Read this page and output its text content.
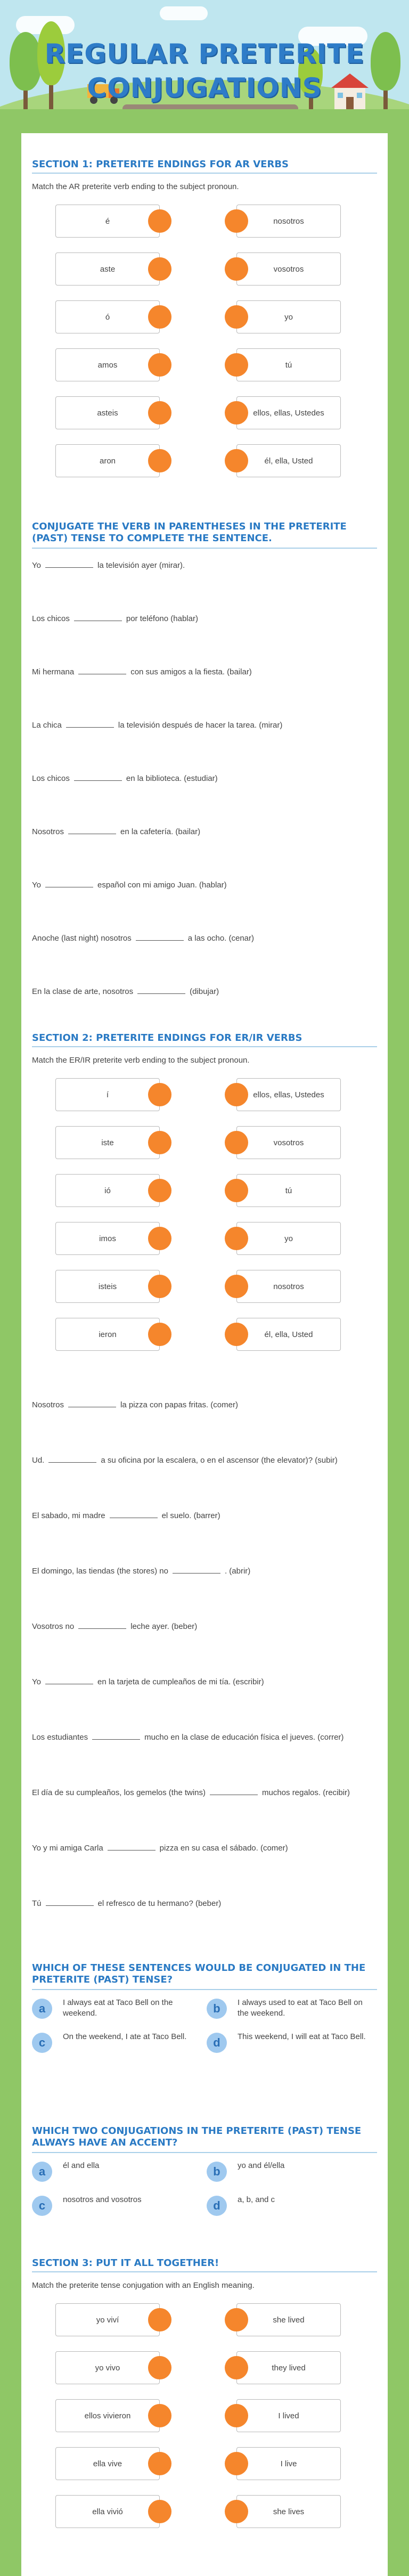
REGULAR PRETERITE
CONJUGATIONS
SECTION 1: PRETERITE ENDINGS FOR AR VERBS
Match the AR preterite verb ending to the subject pronoun.
é	nosotros
aste	vosotros
ó	yo
amos	tú
asteis	ellos, ellas, Ustedes
aron	él, ella, Usted
CONJUGATE THE VERB IN PARENTHESES IN THE PRETERITE (PAST) TENSE TO COMPLETE THE SENTENCE.
Yo	la televisión ayer (mirar).
Los chicos	por teléfono (hablar)
Mi hermana	con sus amigos a la fiesta. (bailar)
La chica	la televisión después de hacer la tarea. (mirar)
Los chicos	en la biblioteca. (estudiar)
Nosotros	en la cafetería. (bailar)
Yo	español con mi amigo Juan. (hablar)
Anoche (last night) nosotros	a las ocho. (cenar)
En la clase de arte, nosotros	(dibujar)
SECTION 2: PRETERITE ENDINGS FOR ER/IR VERBS
Match the ER/IR preterite verb ending to the subject pronoun.
í	ellos, ellas, Ustedes
iste	vosotros
ió	tú
imos	yo
isteis	nosotros
ieron	él, ella, Usted
Nosotros	la pizza con papas fritas. (comer)
Ud.	a su oficina por la escalera, o en el ascensor (the elevator)? (subir)
El sabado, mi madre	el suelo. (barrer)
El domingo, las tiendas (the stores) no	. (abrir)
Vosotros no	leche ayer. (beber)
Yo	en la tarjeta de cumpleaños de mi tía. (escribir)
Los estudiantes	mucho en la clase de educación física el jueves. (correr)
El día de su cumpleaños, los gemelos (the twins)	muchos regalos. (recibir)
Yo y mi amiga Carla	pizza en su casa el sábado. (comer)
Tú	el refresco de tu hermano? (beber)
WHICH OF THESE SENTENCES WOULD BE CONJUGATED IN THE PRETERITE (PAST) TENSE?
a	I always eat at Taco Bell on the weekend.	b	I always used to eat at Taco Bell on the weekend.
c	On the weekend, I ate at Taco Bell.	d	This weekend, I will eat at Taco Bell.
WHICH TWO CONJUGATIONS IN THE PRETERITE (PAST) TENSE ALWAYS HAVE AN ACCENT?
a	él and ella	b	yo and él/ella
c	nosotros and vosotros	d	a, b, and c
SECTION 3: PUT IT ALL TOGETHER!
Match the preterite tense conjugation with an English meaning.
yo viví	she lived
yo vivo	they lived
ellos vivieron	I lived
ella vive	I live
ella vivió	she lives
